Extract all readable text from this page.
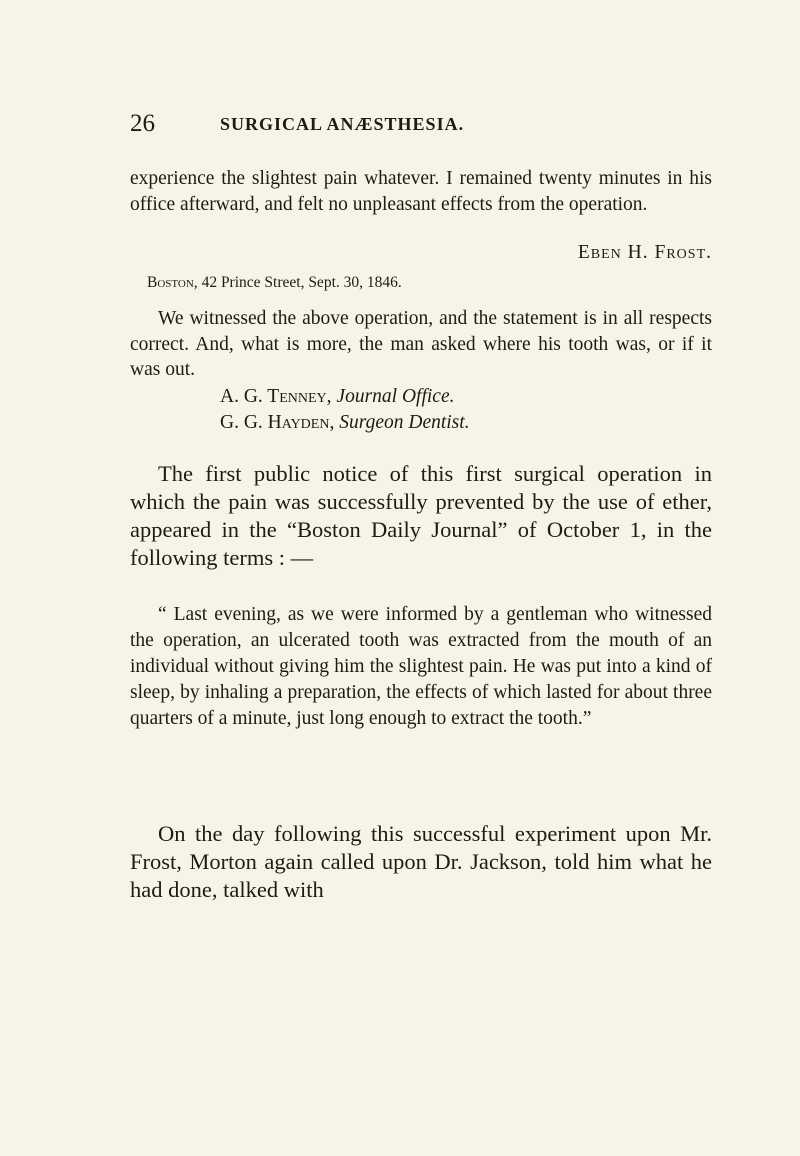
26	SURGICAL ANÆSTHESIA.

experience the slightest pain whatever. I remained twenty minutes in his office afterward, and felt no unpleasant effects from the operation.

Eben H. Frost.
Boston, 42 Prince Street, Sept. 30, 1846.

We witnessed the above operation, and the statement is in all respects correct. And, what is more, the man asked where his tooth was, or if it was out.

A. G. Tenney, Journal Office.
G. G. Hayden, Surgeon Dentist.

The first public notice of this first surgical operation in which the pain was successfully prevented by the use of ether, appeared in the “Boston Daily Journal” of October 1, in the following terms : —

“ Last evening, as we were informed by a gentleman who witnessed the operation, an ulcerated tooth was extracted from the mouth of an individual without giving him the slightest pain. He was put into a kind of sleep, by inhaling a preparation, the effects of which lasted for about three quarters of a minute, just long enough to extract the tooth.”

On the day following this successful experiment upon Mr. Frost, Morton again called upon Dr. Jackson, told him what he had done, talked with
